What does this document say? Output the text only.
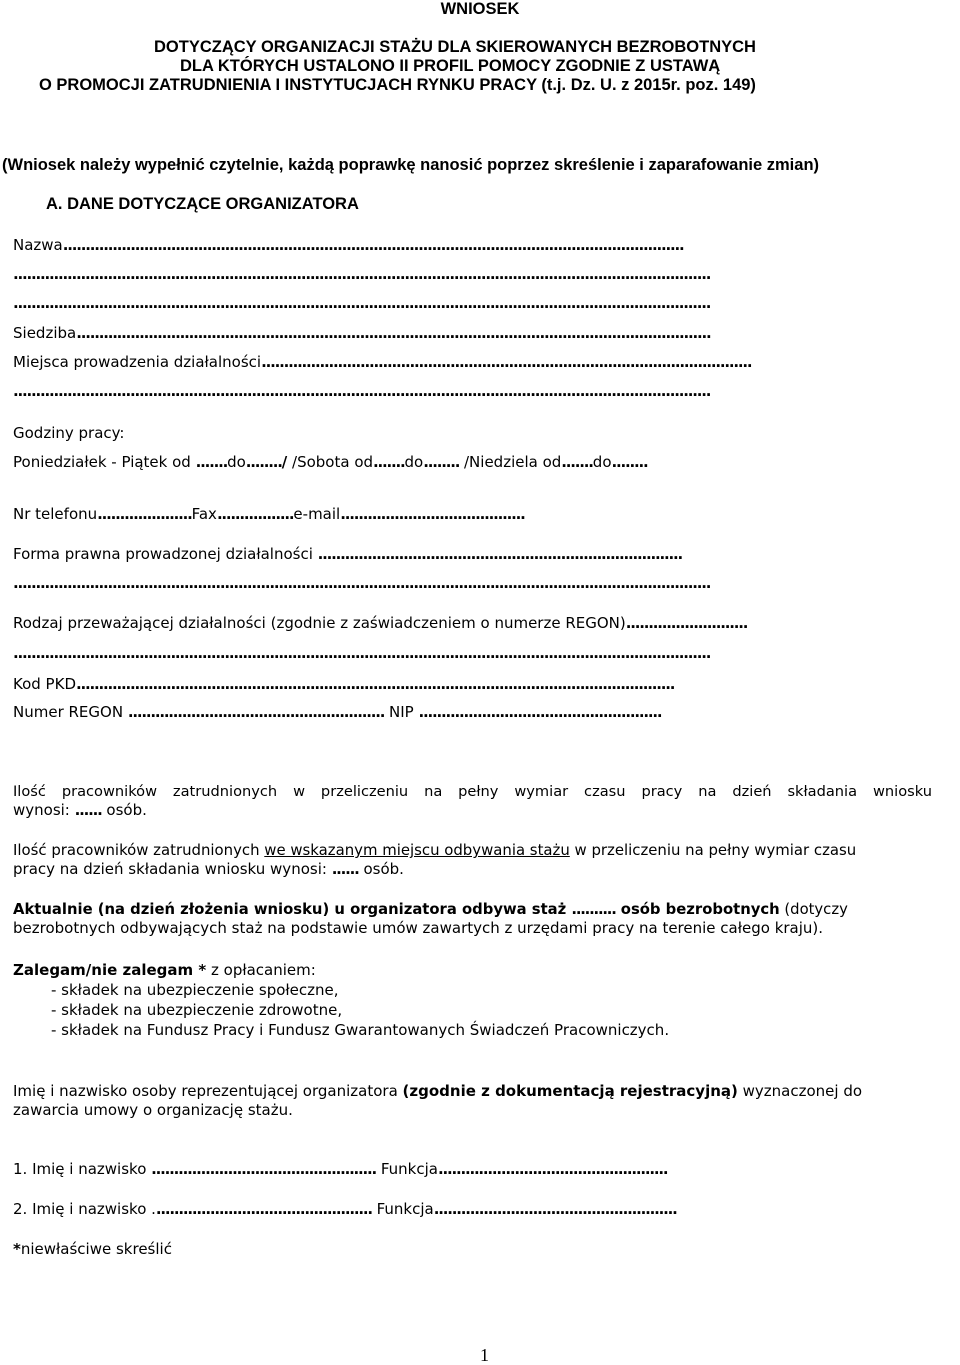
WNIOSEK
DOTYCZĄCY ORGANIZACJI STAŻU DLA SKIEROWANYCH BEZROBOTNYCH
DLA KTÓRYCH USTALONO II PROFIL POMOCY ZGODNIE Z USTAWĄ
O PROMOCJI ZATRUDNIENIA I INSTYTUCJACH RYNKU PRACY (t.j. Dz. U. z 2015r. poz. 149)
(Wniosek należy wypełnić czytelnie, każdą poprawkę nanosić poprzez skreślenie i zaparafowanie zmian)
A. DANE DOTYCZĄCE ORGANIZATORA
Nazwa..........................................................................................................................................
...........................................................................................................................................................
...........................................................................................................................................................
Siedziba.............................................................................................................................................
Miejsca prowadzenia działalności.............................................................................................................
...........................................................................................................................................................
Godziny pracy:
Poniedziałek - Piątek od .......do......../ /Sobota od.......do........ /Niedziela od.......do........
Nr telefonu.....................Fax.................e-mail.........................................
Forma prawna prowadzonej działalności .................................................................................
...........................................................................................................................................................
Rodzaj przeważającej działalności (zgodnie z zaświadczeniem o numerze REGON)...........................
...........................................................................................................................................................
Kod PKD.....................................................................................................................................
Numer REGON ......................................................... NIP ......................................................
Ilość pracowników zatrudnionych w przeliczeniu na pełny wymiar czasu pracy na dzień składania wniosku
wynosi: ...... osób.
Ilość pracowników zatrudnionych we wskazanym miejscu odbywania stażu w przeliczeniu na pełny wymiar czasu
pracy na dzień składania wniosku wynosi: ...... osób.
Aktualnie (na dzień złożenia wniosku) u organizatora odbywa staż .......... osób bezrobotnych (dotyczy
bezrobotnych odbywających staż na podstawie umów zawartych z urzędami pracy na terenie całego kraju).
Zalegam/nie zalegam * z opłacaniem:
- składek na ubezpieczenie społeczne,
- składek na ubezpieczenie zdrowotne,
- składek na Fundusz Pracy i Fundusz Gwarantowanych Świadczeń Pracowniczych.
Imię i nazwisko osoby reprezentującej organizatora (zgodnie z dokumentacją rejestracyjną) wyznaczonej do
zawarcia umowy o organizację stażu.
1. Imię i nazwisko .................................................. Funkcja...................................................
2. Imię i nazwisko ................................................. Funkcja......................................................
*niewłaściwe skreślić
1
